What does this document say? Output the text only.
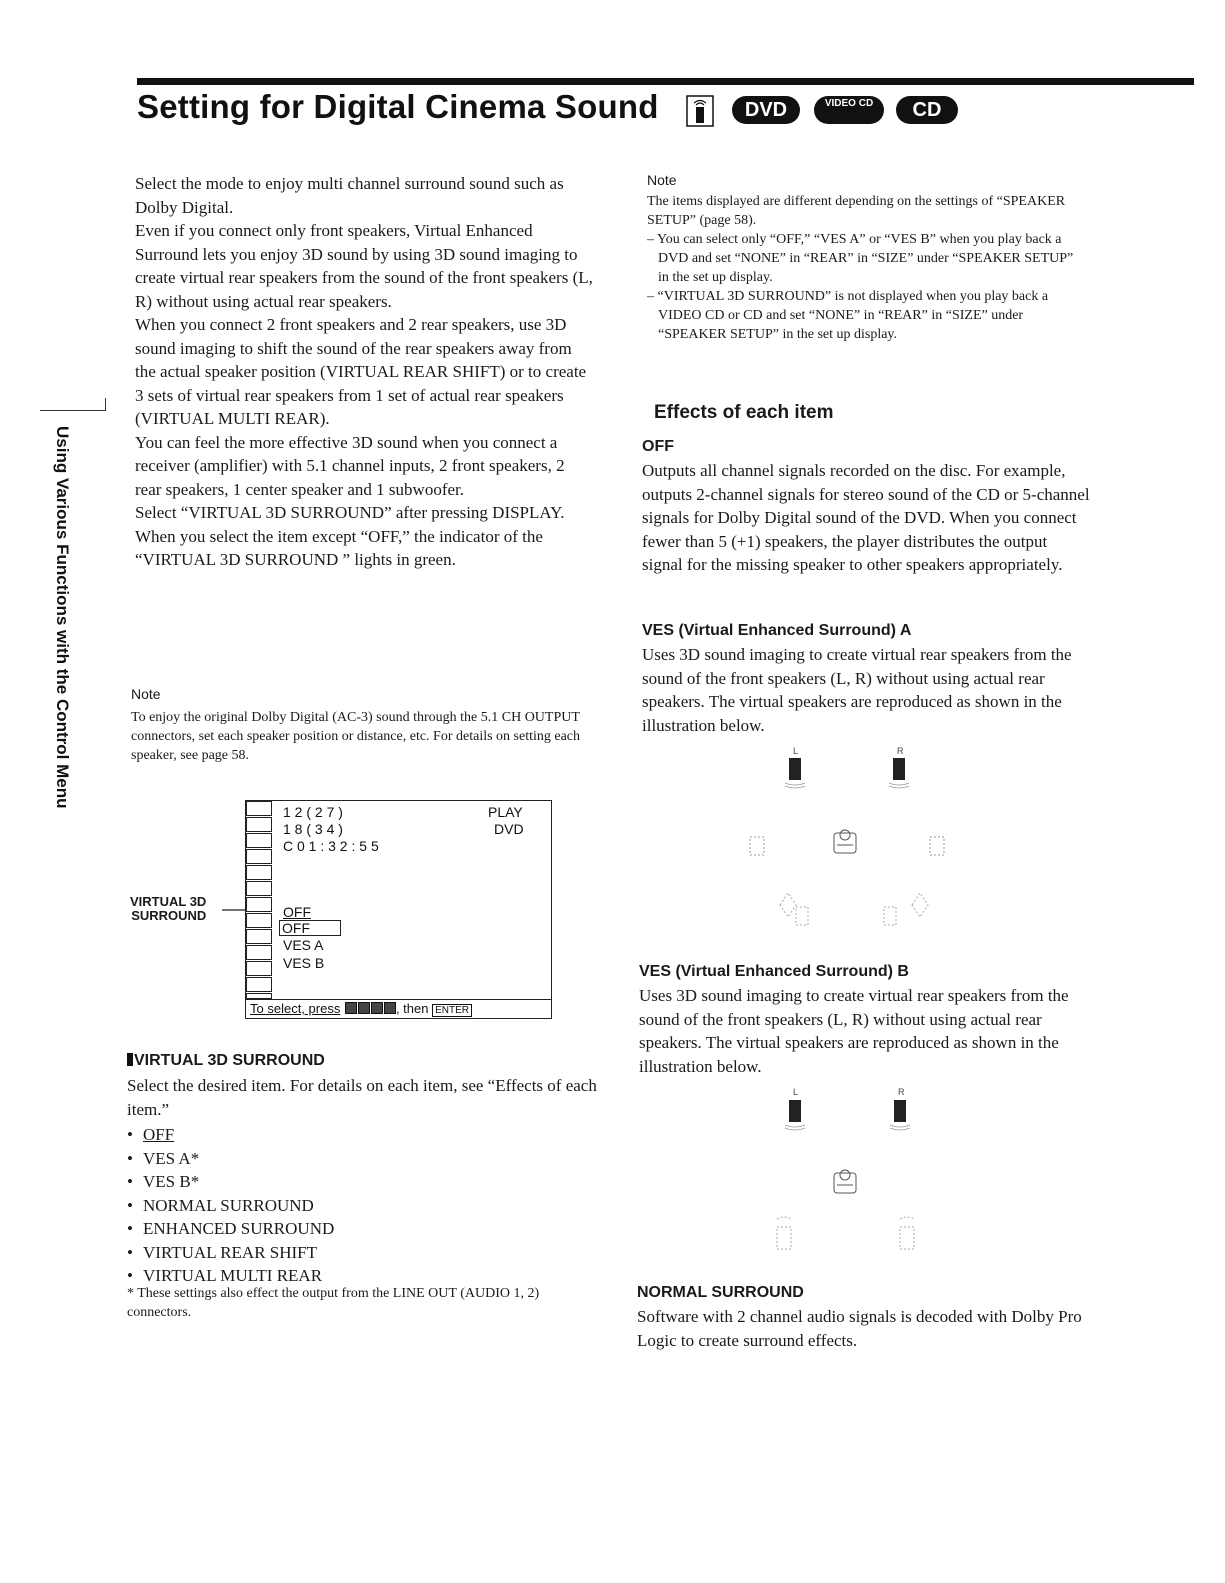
Setting for Digital Cinema Sound	DVD	VIDEO CD	CD
Using Various Functions with the Control Menu

Select the mode to enjoy multi channel surround sound such as Dolby Digital.

Even if you connect only front speakers, Virtual Enhanced Surround lets you enjoy 3D sound by using 3D sound imaging to create virtual rear speakers from the sound of the front speakers (L, R) without using actual rear speakers.

When you connect 2 front speakers and 2 rear speakers, use 3D sound imaging to shift the sound of the rear speakers away from the actual speaker position (VIRTUAL REAR SHIFT) or to create 3 sets of virtual rear speakers from 1 set of actual rear speakers (VIRTUAL MULTI REAR).

You can feel the more effective 3D sound when you connect a receiver (amplifier) with 5.1 channel inputs, 2 front speakers, 2 rear speakers, 1 center speaker and 1 subwoofer.

Select “VIRTUAL 3D SURROUND” after pressing DISPLAY. When you select the item except “OFF,” the indicator of the “VIRTUAL 3D SURROUND ” lights in green.

Note

To enjoy the original Dolby Digital (AC-3) sound through the 5.1 CH OUTPUT connectors, set each speaker position or distance, etc. For details on setting each speaker, see page 58.

VIRTUAL 3D
SURROUND
1 2 ( 2 7 )
1 8 ( 3 4 )
C 0 1 : 3 2 : 5 5
PLAY
DVD
OFF
OFF
VES A
VES B
To select, press	, then ENTER

VIRTUAL 3D SURROUND

Select the desired item. For details on each item, see “Effects of each item.”

• OFF
• VES A*
• VES B*
• NORMAL SURROUND
• ENHANCED SURROUND
• VIRTUAL REAR SHIFT
• VIRTUAL MULTI REAR

* These settings also effect the output from the LINE OUT (AUDIO 1, 2) connectors.

Note

The items displayed are different depending on the settings of “SPEAKER SETUP” (page 58).

– You can select only “OFF,” “VES A” or “VES B” when you play back a DVD and set “NONE” in “REAR” in “SIZE” under “SPEAKER SETUP” in the set up display.
– “VIRTUAL 3D SURROUND” is not displayed when you play back a VIDEO CD or CD and set “NONE” in “REAR” in “SIZE” under “SPEAKER SETUP” in the set up display.
Effects of each item

OFF

Outputs all channel signals recorded on the disc. For example, outputs 2-channel signals for stereo sound of the CD or 5-channel signals for Dolby Digital sound of the DVD. When you connect fewer than 5 (+1) speakers, the player distributes the output signal for the missing speaker to other speakers appropriately.

VES (Virtual Enhanced Surround) A

Uses 3D sound imaging to create virtual rear speakers from the sound of the front speakers (L, R) without using actual rear speakers. The virtual speakers are reproduced as shown in the illustration below.

L	R

VES (Virtual Enhanced Surround) B

Uses 3D sound imaging to create virtual rear speakers from the sound of the front speakers (L, R) without using actual rear speakers. The virtual speakers are reproduced as shown in the illustration below.

L	R

NORMAL SURROUND

Software with 2 channel audio signals is decoded with Dolby Pro Logic to create surround effects.
